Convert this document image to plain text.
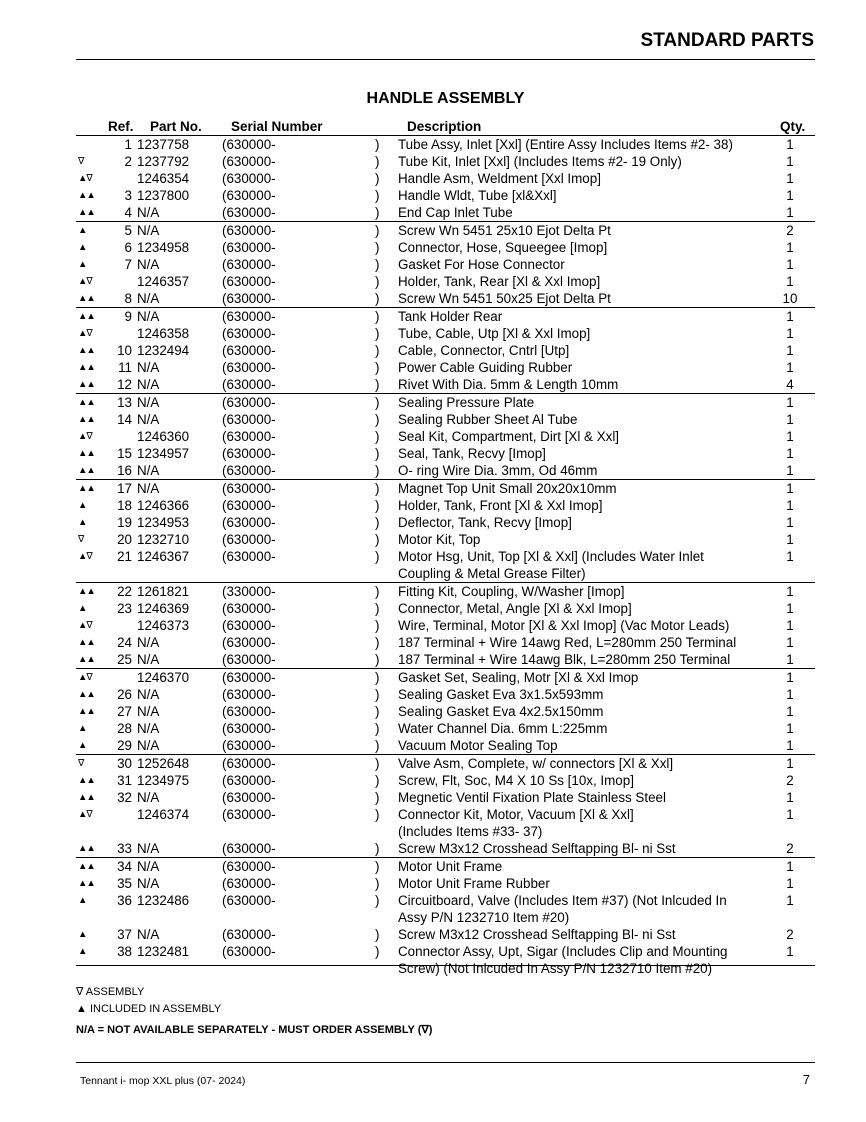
STANDARD PARTS
HANDLE ASSEMBLY
Ref. Part No. Serial Number	Description	Qty.
	1	1237758	(630000-	)	Tube Assy, Inlet [Xxl] (Entire Assy Includes Items #2- 38)	1
∇	2	1237792	(630000-	)	Tube Kit, Inlet [Xxl] (Includes Items #2- 19 Only)	1
▲∇		1246354	(630000-	)	Handle Asm, Weldment [Xxl Imop]	1
▲▲	3	1237800	(630000-	)	Handle Wldt, Tube [xl&Xxl]	1
▲▲	4	N/A	(630000-	)	End Cap Inlet Tube	1
▲	5	N/A	(630000-	)	Screw Wn 5451 25x10 Ejot Delta Pt	2
▲	6	1234958	(630000-	)	Connector, Hose, Squeegee [Imop]	1
▲	7	N/A	(630000-	)	Gasket For Hose Connector	1
▲∇		1246357	(630000-	)	Holder, Tank, Rear [Xl & Xxl Imop]	1
▲▲	8	N/A	(630000-	)	Screw Wn 5451 50x25 Ejot Delta Pt	10
▲▲	9	N/A	(630000-	)	Tank Holder Rear	1
▲∇		1246358	(630000-	)	Tube, Cable, Utp [Xl & Xxl Imop]	1
▲▲	10	1232494	(630000-	)	Cable, Connector, Cntrl [Utp]	1
▲▲	11	N/A	(630000-	)	Power Cable Guiding Rubber	1
▲▲	12	N/A	(630000-	)	Rivet With Dia. 5mm & Length 10mm	4
▲▲	13	N/A	(630000-	)	Sealing Pressure Plate	1
▲▲	14	N/A	(630000-	)	Sealing Rubber Sheet Al Tube	1
▲∇		1246360	(630000-	)	Seal Kit, Compartment, Dirt [Xl & Xxl]	1
▲▲	15	1234957	(630000-	)	Seal, Tank, Recvy [Imop]	1
▲▲	16	N/A	(630000-	)	O- ring Wire Dia. 3mm, Od 46mm	1
▲▲	17	N/A	(630000-	)	Magnet Top Unit Small 20x20x10mm	1
▲	18	1246366	(630000-	)	Holder, Tank, Front [Xl & Xxl Imop]	1
▲	19	1234953	(630000-	)	Deflector, Tank, Recvy [Imop]	1
∇	20	1232710	(630000-	)	Motor Kit, Top	1
▲∇	21	1246367	(630000-	)	Motor Hsg, Unit, Top [Xl & Xxl] (Includes Water Inlet
Coupling & Metal Grease Filter)	1
▲▲	22	1261821	(330000-	)	Fitting Kit, Coupling, W/Washer [Imop]	1
▲	23	1246369	(630000-	)	Connector, Metal, Angle [Xl & Xxl Imop]	1
▲∇		1246373	(630000-	)	Wire, Terminal, Motor [Xl & Xxl Imop] (Vac Motor Leads)	1
▲▲	24	N/A	(630000-	)	187 Terminal + Wire 14awg Red, L=280mm 250 Terminal	1
▲▲	25	N/A	(630000-	)	187 Terminal + Wire 14awg Blk, L=280mm 250 Terminal	1
▲∇		1246370	(630000-	)	Gasket Set, Sealing, Motr [Xl & Xxl Imop	1
▲▲	26	N/A	(630000-	)	Sealing Gasket Eva 3x1.5x593mm	1
▲▲	27	N/A	(630000-	)	Sealing Gasket Eva 4x2.5x150mm	1
▲	28	N/A	(630000-	)	Water Channel Dia. 6mm L:225mm	1
▲	29	N/A	(630000-	)	Vacuum Motor Sealing Top	1
∇	30	1252648	(630000-	)	Valve Asm, Complete, w/ connectors [Xl & Xxl]	1
▲▲	31	1234975	(630000-	)	Screw, Flt, Soc, M4 X 10 Ss [10x, Imop]	2
▲▲	32	N/A	(630000-	)	Megnetic Ventil Fixation Plate Stainless Steel	1
▲∇		1246374	(630000-	)	Connector Kit, Motor, Vacuum [Xl & Xxl]
(Includes Items #33- 37)	1
▲▲	33	N/A	(630000-	)	Screw M3x12 Crosshead Selftapping Bl- ni Sst	2
▲▲	34	N/A	(630000-	)	Motor Unit Frame	1
▲▲	35	N/A	(630000-	)	Motor Unit Frame Rubber	1
▲	36	1232486	(630000-	)	Circuitboard, Valve (Includes Item #37) (Not Inlcuded In
Assy P/N 1232710 Item #20)	1
▲	37	N/A	(630000-	)	Screw M3x12 Crosshead Selftapping Bl- ni Sst	2
▲	38	1232481	(630000-	)	Connector Assy, Upt, Sigar (Includes Clip and Mounting
Screw) (Not Inlcuded In Assy P/N 1232710 Item #20)	1
∇ ASSEMBLY
▲ INCLUDED IN ASSEMBLY
N/A = NOT AVAILABLE SEPARATELY - MUST ORDER ASSEMBLY (∇)
Tennant i- mop XXL plus (07- 2024)	7
